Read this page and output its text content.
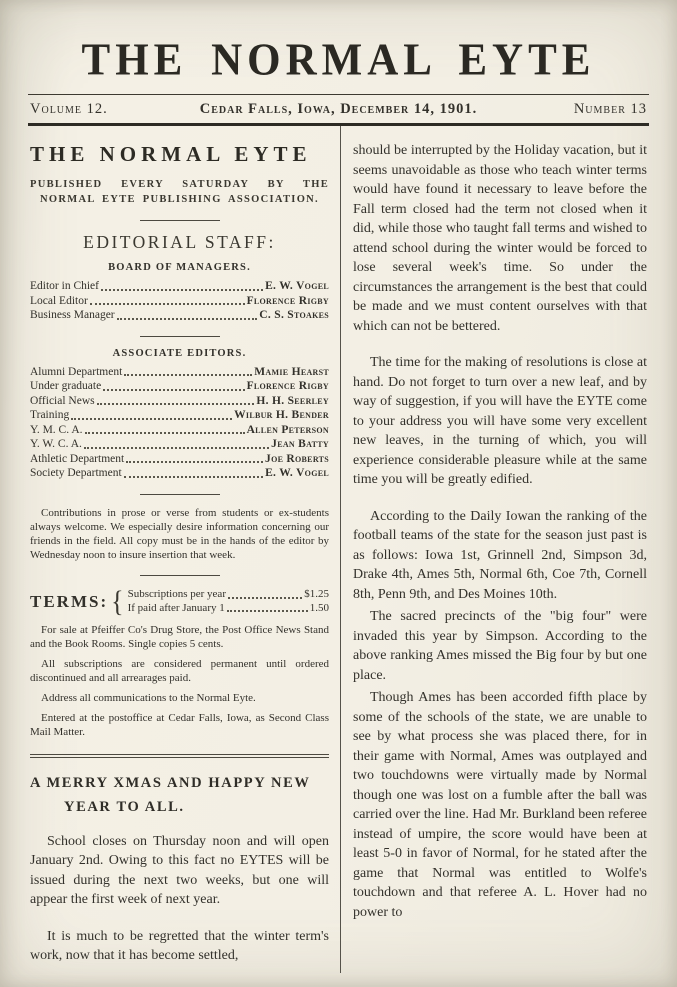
THE NORMAL EYTE
Volume 12.	Cedar Falls, Iowa, December 14, 1901.	Number 13
THE NORMAL EYTE

PUBLISHED EVERY SATURDAY BY THE NORMAL EYTE PUBLISHING ASSOCIATION.

EDITORIAL STAFF:
BOARD OF MANAGERS.
Editor in Chief	E. W. Vogel
Local Editor	Florence Rigby
Business Manager	C. S. Stoakes
ASSOCIATE EDITORS.
Alumni Department	Mamie Hearst
Under graduate	Florence Rigby
Official News	H. H. Seerley
Training	Wilbur H. Bender
Y. M. C. A.	Allen Peterson
Y. W. C. A.	Jean Batty
Athletic Department	Joe Roberts
Society Department	E. W. Vogel

Contributions in prose or verse from students or ex-students always welcome. We especially desire information concerning our friends in the field. All copy must be in the hands of the editor by Wednesday noon to insure insertion that week.

TERMS: { Subscriptions per year	$1.25
If paid after January 1	1.50

For sale at Pfeiffer Co's Drug Store, the Post Office News Stand and the Book Rooms. Single copies 5 cents.

All subscriptions are considered permanent until ordered discontinued and all arrearages paid.

Address all communications to the Normal Eyte.

Entered at the postoffice at Cedar Falls, Iowa, as Second Class Mail Matter.

A MERRY XMAS AND HAPPY NEW YEAR TO ALL.

School closes on Thursday noon and will open January 2nd. Owing to this fact no EYTES will be issued during the next two weeks, but one will appear the first week of next year.

It is much to be regretted that the winter term's work, now that it has become settled,

should be interrupted by the Holiday vacation, but it seems unavoidable as those who teach winter terms would have found it necessary to leave before the Fall term closed had the term not closed when it did, while those who taught fall terms and wished to attend school during the winter would be forced to lose several week's time. So under the circumstances the arrangement is the best that could be made and we must content ourselves with that which can not be bettered.

The time for the making of resolutions is close at hand. Do not forget to turn over a new leaf, and by way of suggestion, if you will have the EYTE come to your address you will have some very excellent new leaves, in the turning of which, you will experience considerable pleasure while at the same time you will be greatly edified.

According to the Daily Iowan the ranking of the football teams of the state for the season just past is as follows: Iowa 1st, Grinnell 2nd, Simpson 3d, Drake 4th, Ames 5th, Normal 6th, Coe 7th, Cornell 8th, Penn 9th, and Des Moines 10th.

The sacred precincts of the "big four" were invaded this year by Simpson. According to the above ranking Ames missed the Big four by but one place.

Though Ames has been accorded fifth place by some of the schools of the state, we are unable to see by what process she was placed there, for in their game with Normal, Ames was outplayed and two touchdowns were virtually made by Normal though one was lost on a fumble after the ball was carried over the line. Had Mr. Burkland been referee instead of umpire, the score would have been at least 5-0 in favor of Normal, for he stated after the game that Normal was entitled to Wolfe's touchdown and that referee A. L. Hover had no power to
